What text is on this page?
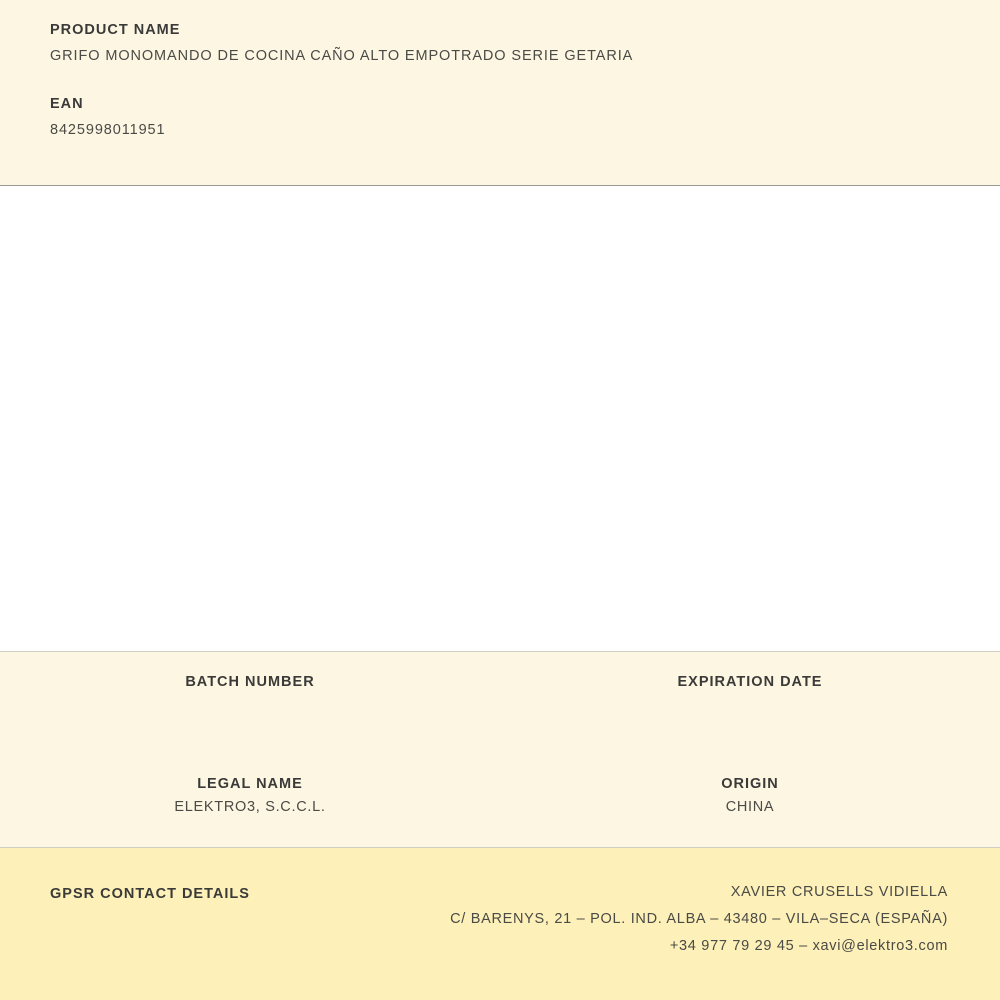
PRODUCT NAME

GRIFO MONOMANDO DE COCINA CAÑO ALTO EMPOTRADO SERIE GETARIA

EAN

8425998011951

BATCH NUMBER	EXPIRATION DATE

LEGAL NAME

ELEKTRO3, S.C.C.L.

ORIGIN

CHINA

GPSR CONTACT DETAILS	XAVIER CRUSELLS VIDIELLA

C/ BARENYS, 21 – POL. IND. ALBA – 43480 – VILA–SECA (ESPAÑA)

+34 977 79 29 45 – xavi@elektro3.com
